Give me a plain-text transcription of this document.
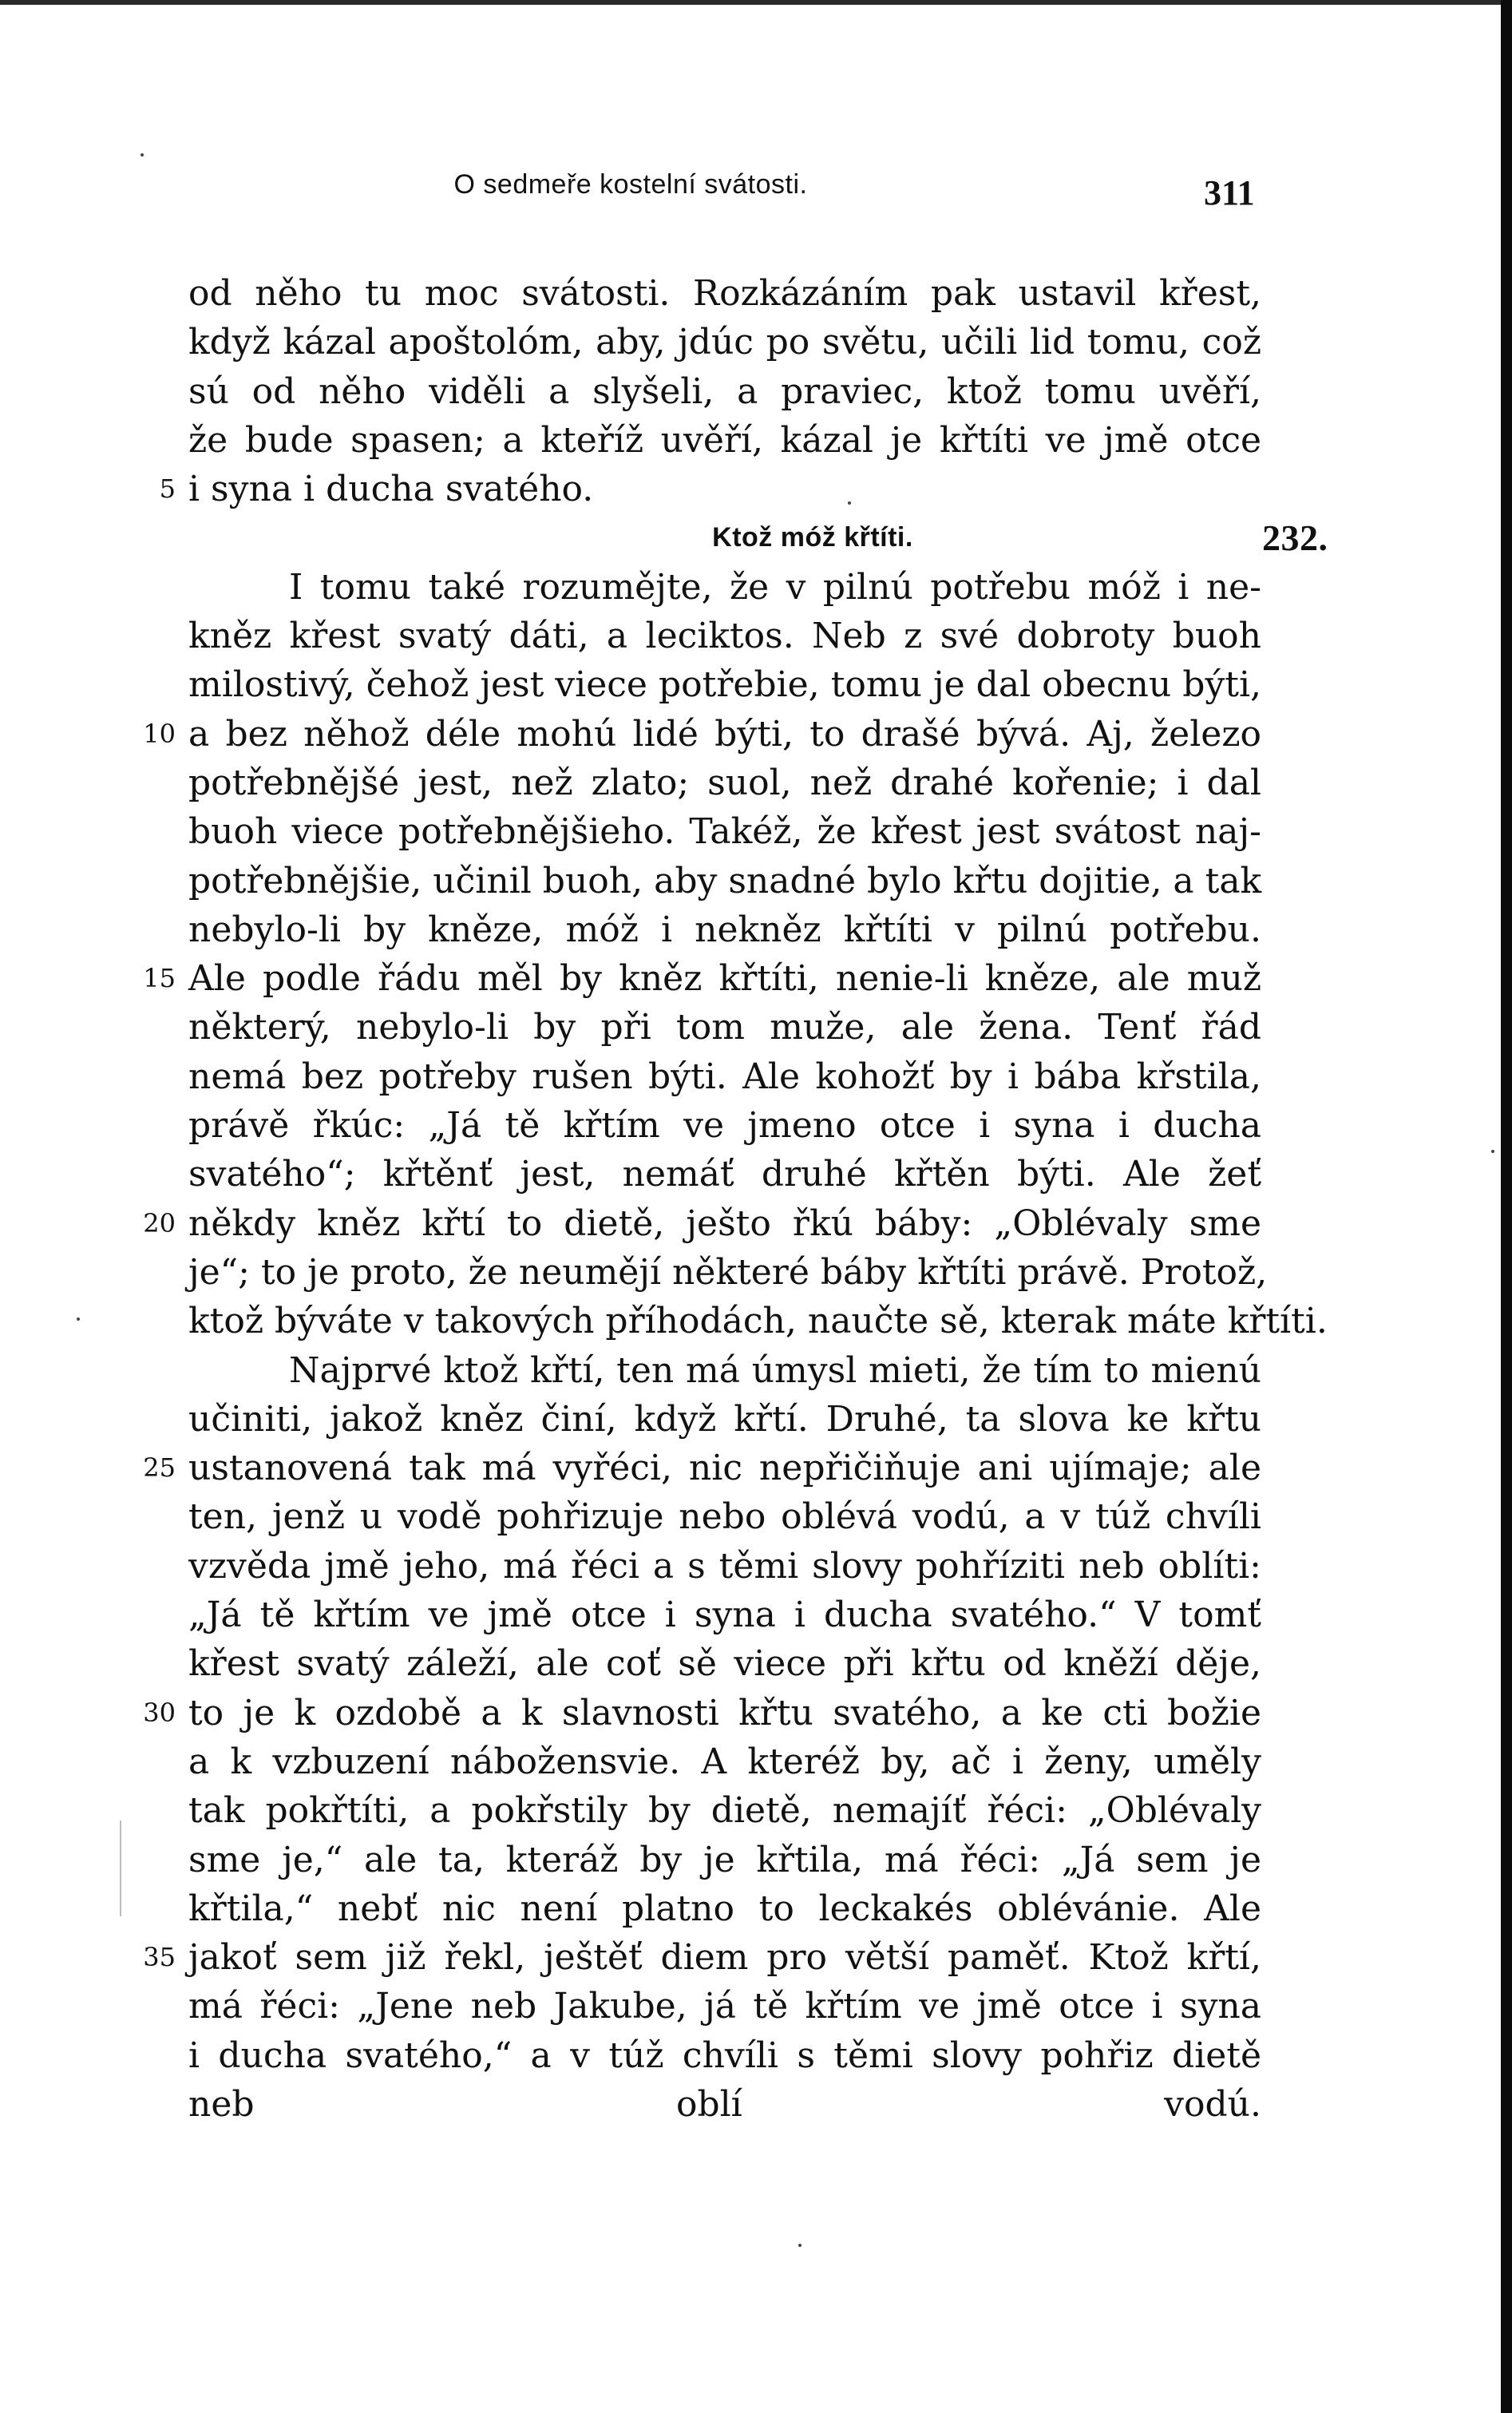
O sedmeře kostelní svátosti.	311
od něho tu moc svátosti. Rozkázáním pak ustavil křest,
když kázal apoštolóm, aby, jdúc po světu, učili lid tomu, což
sú od něho viděli a slyšeli, a praviec, ktož tomu uvěří,
že bude spasen; a kteříž uvěří, kázal je křtíti ve jmě otce
5 i syna i ducha svatého.
Ktož móž křtíti.	232.
I tomu také rozumějte, že v pilnú potřebu móž i ne-
kněz křest svatý dáti, a leciktos. Neb z své dobroty buoh
milostivý, čehož jest viece potřebie, tomu je dal obecnu býti,
10 a bez něhož déle mohú lidé býti, to drašé bývá. Aj, železo
potřebnějšé jest, než zlato; suol, než drahé kořenie; i dal
buoh viece potřebnějšieho. Takéž, že křest jest svátost naj-
potřebnějšie, učinil buoh, aby snadné bylo křtu dojitie, a tak
nebylo-li by kněze, móž i nekněz křtíti v pilnú potřebu.
15 Ale podle řádu měl by kněz křtíti, nenie-li kněze, ale muž
některý, nebylo-li by při tom muže, ale žena. Tenť řád
nemá bez potřeby rušen býti. Ale kohožť by i bába křstila,
právě řkúc: „Já tě křtím ve jmeno otce i syna i ducha
svatého“; křtěnť jest, nemáť druhé křtěn býti. Ale žeť
20 někdy kněz křtí to dietě, ješto řkú báby: „Oblévaly sme
je“; to je proto, že neumějí některé báby křtíti právě. Protož,
ktož býváte v takových příhodách, naučte sě, kterak máte křtíti.
Najprvé ktož křtí, ten má úmysl mieti, že tím to mienú
učiniti, jakož kněz činí, když křtí. Druhé, ta slova ke křtu
25 ustanovená tak má vyřéci, nic nepřičiňuje ani ujímaje; ale
ten, jenž u vodě pohřizuje nebo oblévá vodú, a v túž chvíli
vzvěda jmě jeho, má řéci a s těmi slovy pohříziti neb oblíti:
„Já tě křtím ve jmě otce i syna i ducha svatého.“ V tomť
křest svatý záleží, ale coť sě viece při křtu od kněží děje,
30 to je k ozdobě a k slavnosti křtu svatého, a ke cti božie
a k vzbuzení nábožensvie. A kteréž by, ač i ženy, uměly
tak pokřtíti, a pokřstily by dietě, nemajíť řéci: „Oblévaly
sme je,“ ale ta, kteráž by je křtila, má řéci: „Já sem je
křtila,“ nebť nic není platno to leckakés oblévánie. Ale
35 jakoť sem již řekl, ještěť diem pro větší paměť. Ktož křtí,
má řéci: „Jene neb Jakube, já tě křtím ve jmě otce i syna
i ducha svatého,“ a v túž chvíli s těmi slovy pohřiz dietě
neb oblí vodú.
